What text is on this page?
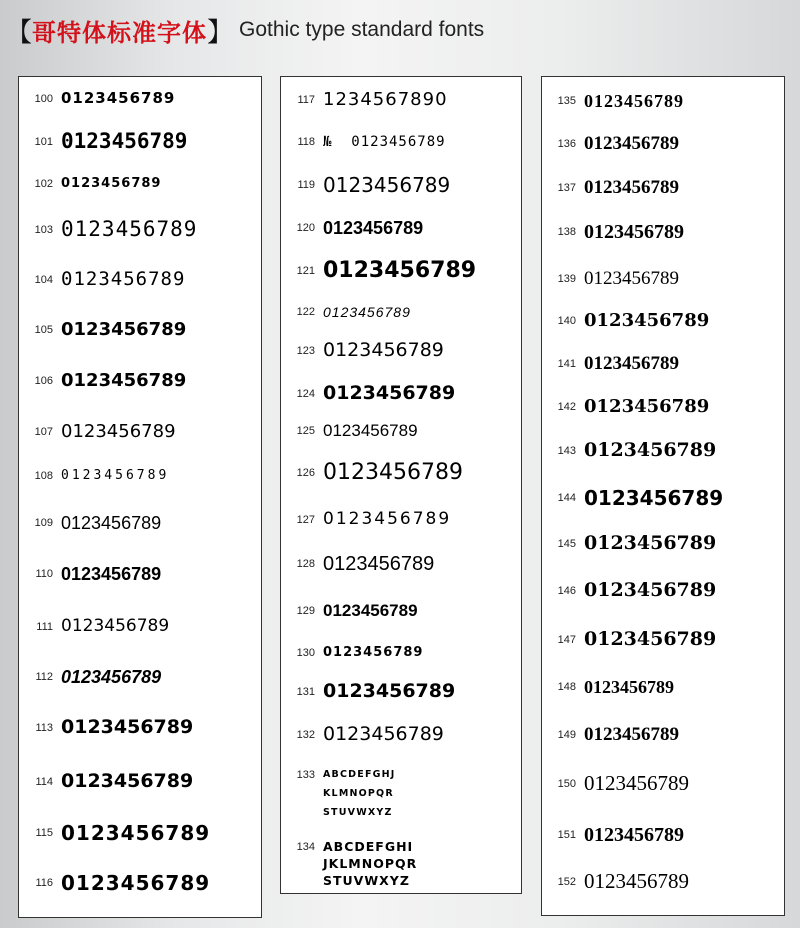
【 哥特体标准字体 】 Gothic type standard fonts
100 0123456789
101 0123456789
102 0123456789
103 0123456789
104 0123456789
105 0123456789
106 0123456789
107 0123456789
108 0123456789
109 0123456789
110 0123456789
111 0123456789
112 0123456789
113 0123456789
114 0123456789
115 0123456789
116 0123456789
117 1234567890
118 №  0123456789
119 0123456789
120 0123456789
121 0123456789
122 0123456789
123 0123456789
124 0123456789
125 0123456789
126 0123456789
127 0123456789
128 0123456789
129 0123456789
130 0123456789
131 0123456789
132 0123456789
133 ABCDEFGHJ
KLMNOPQR
STUVWXYZ
134 ABCDEFGHI
JKLMNOPQR
STUVWXYZ
135 0123456789
136 0123456789
137 0123456789
138 0123456789
139 0123456789
140 0123456789
141 0123456789
142 0123456789
143 0123456789
144 0123456789
145 0123456789
146 0123456789
147 0123456789
148 0123456789
149 0123456789
150 0123456789
151 0123456789
152 0123456789
